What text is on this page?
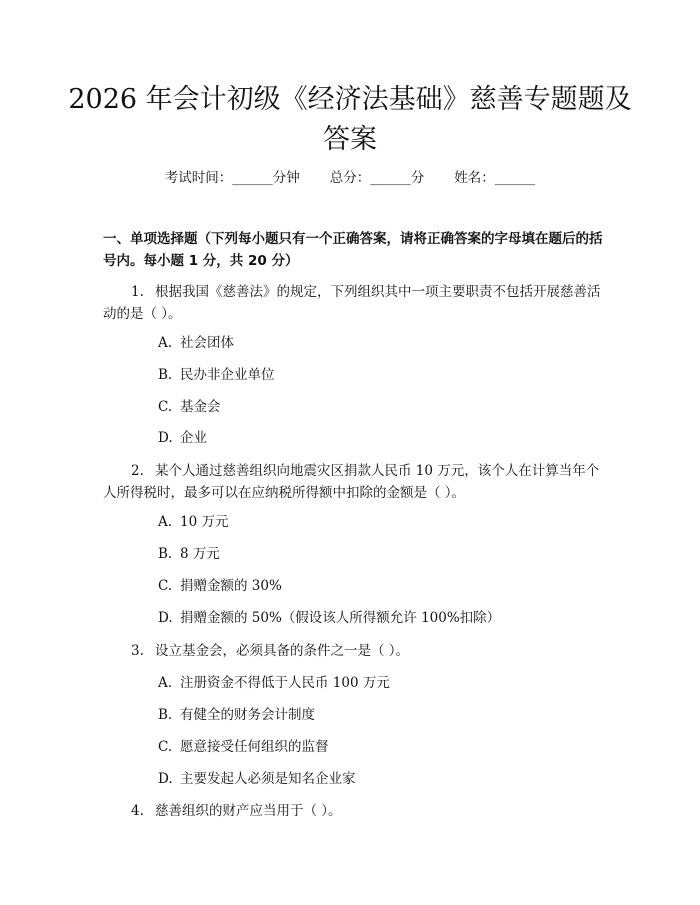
2026 年会计初级《经济法基础》慈善专题题及答案
考试时间：______分钟 总分：______分 姓名：______
一、单项选择题（下列每小题只有一个正确答案，请将正确答案的字母填在题后的括号内。每小题 1 分，共 20 分）
1. 根据我国《慈善法》的规定，下列组织其中一项主要职责不包括开展慈善活动的是（ ）。
A. 社会团体
B. 民办非企业单位
C. 基金会
D. 企业
2. 某个人通过慈善组织向地震灾区捐款人民币 10 万元，该个人在计算当年个人所得税时，最多可以在应纳税所得额中扣除的金额是（ ）。
A. 10 万元
B. 8 万元
C. 捐赠金额的 30%
D. 捐赠金额的 50%（假设该人所得额允许 100%扣除）
3. 设立基金会，必须具备的条件之一是（ ）。
A. 注册资金不得低于人民币 100 万元
B. 有健全的财务会计制度
C. 愿意接受任何组织的监督
D. 主要发起人必须是知名企业家
4. 慈善组织的财产应当用于（ ）。
